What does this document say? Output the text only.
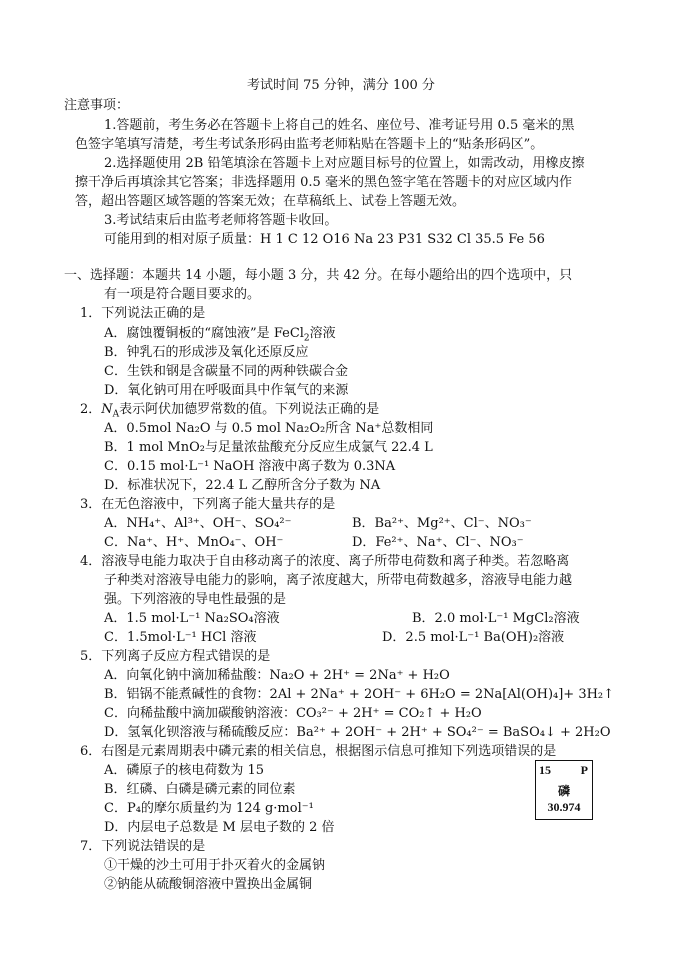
考试时间 75 分钟，满分 100 分
注意事项：
1.答题前，考生务必在答题卡上将自己的姓名、座位号、准考证号用 0.5 毫米的黑
色签字笔填写清楚，考生考试条形码由监考老师粘贴在答题卡上的“贴条形码区”。
2.选择题使用 2B 铅笔填涂在答题卡上对应题目标号的位置上，如需改动，用橡皮擦
擦干净后再填涂其它答案；非选择题用 0.5 毫米的黑色签字笔在答题卡的对应区域内作
答，超出答题区域答题的答案无效；在草稿纸上、试卷上答题无效。
3.考试结束后由监考老师将答题卡收回。
可能用到的相对原子质量：H 1 C 12 O16 Na 23 P31 S32 Cl 35.5 Fe 56
一、选择题：本题共 14 小题，每小题 3 分，共 42 分。在每小题给出的四个选项中，只
有一项是符合题目要求的。
1．下列说法正确的是
A．腐蚀覆铜板的“腐蚀液”是 FeCl$_2$溶液
B．钟乳石的形成涉及氧化还原反应
C．生铁和钢是含碳量不同的两种铁碳合金
D．氧化钠可用在呼吸面具中作氧气的来源
2．$N_A$表示阿伏加德罗常数的值。下列说法正确的是
A．0.5mol Na₂O 与 0.5 mol Na₂O₂所含 Na⁺总数相同
B．1 mol MnO₂与足量浓盐酸充分反应生成氯气 22.4 L
C．0.15 mol·L⁻¹ NaOH 溶液中离子数为 0.3NA
D．标准状况下，22.4 L 乙醇所含分子数为 NA
3．在无色溶液中，下列离子能大量共存的是
A．NH₄⁺、Al³⁺、OH⁻、SO₄²⁻	B．Ba²⁺、Mg²⁺、Cl⁻、NO₃⁻
C．Na⁺、H⁺、MnO₄⁻、OH⁻	D．Fe²⁺、Na⁺、Cl⁻、NO₃⁻
4．溶液导电能力取决于自由移动离子的浓度、离子所带电荷数和离子种类。若忽略离
子种类对溶液导电能力的影响，离子浓度越大，所带电荷数越多，溶液导电能力越
强。下列溶液的导电性最强的是
A．1.5 mol·L⁻¹ Na₂SO₄溶液	B．2.0 mol·L⁻¹ MgCl₂溶液
C．1.5mol·L⁻¹ HCl 溶液	D．2.5 mol·L⁻¹ Ba(OH)₂溶液
5．下列离子反应方程式错误的是
A．向氧化钠中滴加稀盐酸：Na₂O + 2H⁺ = 2Na⁺ + H₂O
B．铝锅不能煮碱性的食物：2Al + 2Na⁺ + 2OH⁻ + 6H₂O = 2Na[Al(OH)₄]+ 3H₂↑
C．向稀盐酸中滴加碳酸钠溶液：CO₃²⁻ + 2H⁺ = CO₂↑ + H₂O
D．氢氧化钡溶液与稀硫酸反应：Ba²⁺ + 2OH⁻ + 2H⁺ + SO₄²⁻ = BaSO₄↓ + 2H₂O
6．右图是元素周期表中磷元素的相关信息，根据图示信息可推知下列选项错误的是
A．磷原子的核电荷数为 15
B．红磷、白磷是磷元素的同位素
C．P₄的摩尔质量约为 124 g·mol⁻¹
D．内层电子总数是 M 层电子数的 2 倍
15 P
磷
30.974
7．下列说法错误的是
①干燥的沙土可用于扑灭着火的金属钠
②钠能从硫酸铜溶液中置换出金属铜
